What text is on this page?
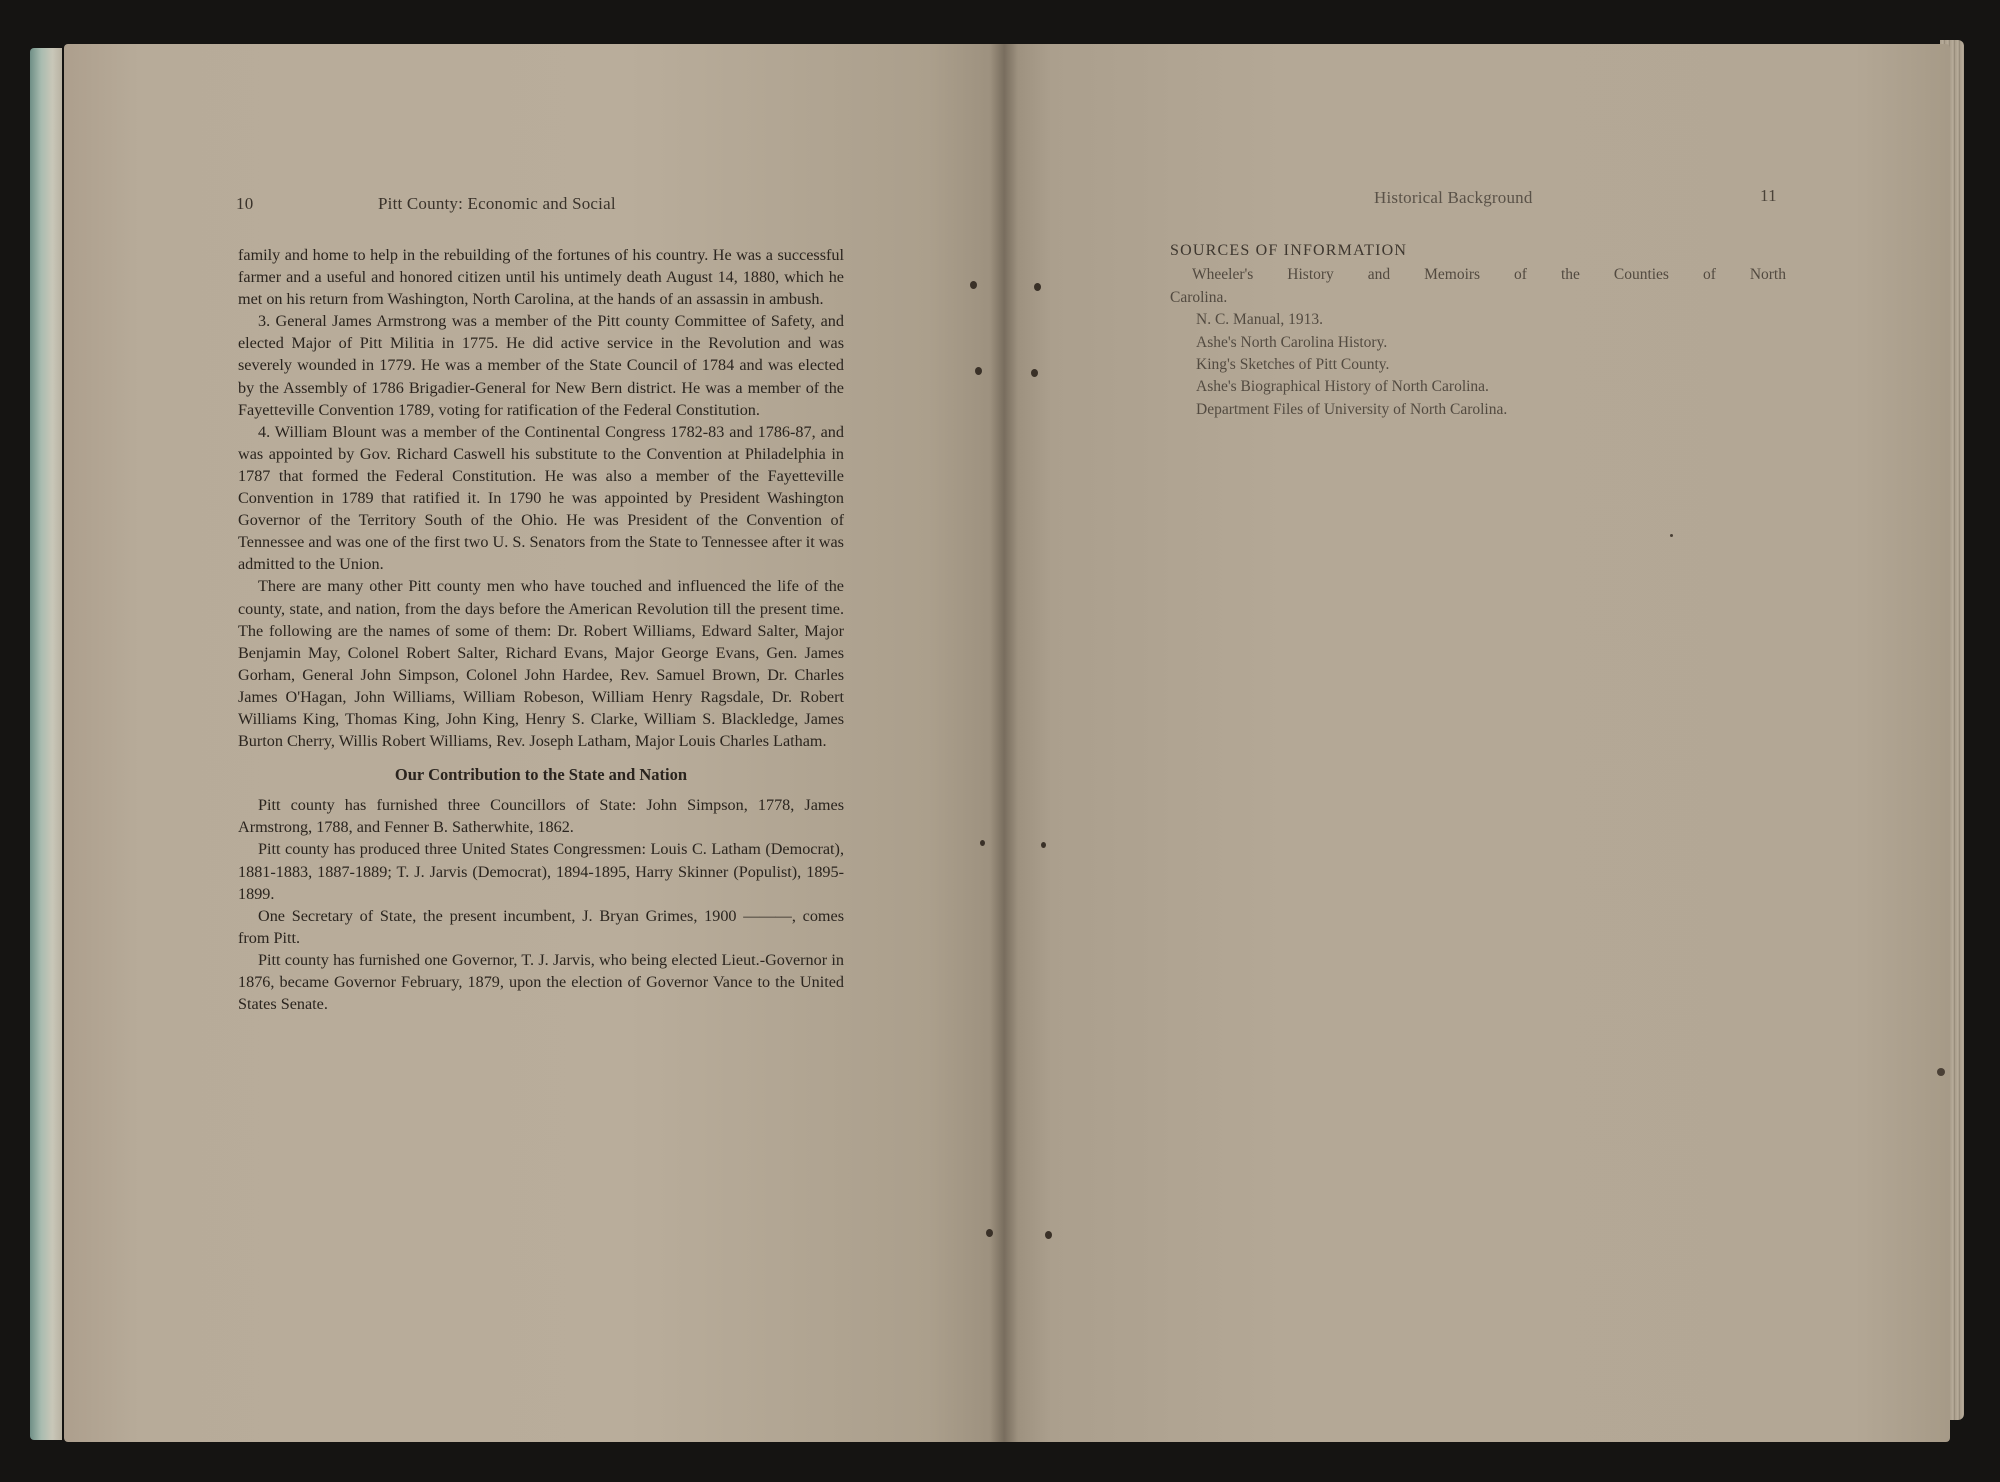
10	Pitt County: Economic and Social

family and home to help in the rebuilding of the fortunes of his country. He was a successful farmer and a useful and honored citizen until his untimely death August 14, 1880, which he met on his return from Washington, North Carolina, at the hands of an assassin in ambush.

3. General James Armstrong was a member of the Pitt county Committee of Safety, and elected Major of Pitt Militia in 1775. He did active service in the Revolution and was severely wounded in 1779. He was a member of the State Council of 1784 and was elected by the Assembly of 1786 Brigadier-General for New Bern district. He was a member of the Fayetteville Convention 1789, voting for ratification of the Federal Constitution.

4. William Blount was a member of the Continental Congress 1782-83 and 1786-87, and was appointed by Gov. Richard Caswell his substitute to the Convention at Philadelphia in 1787 that formed the Federal Constitution. He was also a member of the Fayetteville Convention in 1789 that ratified it. In 1790 he was appointed by President Washington Governor of the Territory South of the Ohio. He was President of the Convention of Tennessee and was one of the first two U. S. Senators from the State to Tennessee after it was admitted to the Union.

There are many other Pitt county men who have touched and influenced the life of the county, state, and nation, from the days before the American Revolution till the present time. The following are the names of some of them: Dr. Robert Williams, Edward Salter, Major Benjamin May, Colonel Robert Salter, Richard Evans, Major George Evans, Gen. James Gorham, General John Simpson, Colonel John Hardee, Rev. Samuel Brown, Dr. Charles James O'Hagan, John Williams, William Robeson, William Henry Ragsdale, Dr. Robert Williams King, Thomas King, John King, Henry S. Clarke, William S. Blackledge, James Burton Cherry, Willis Robert Williams, Rev. Joseph Latham, Major Louis Charles Latham.

Our Contribution to the State and Nation

Pitt county has furnished three Councillors of State: John Simpson, 1778, James Armstrong, 1788, and Fenner B. Satherwhite, 1862.

Pitt county has produced three United States Congressmen: Louis C. Latham (Democrat), 1881-1883, 1887-1889; T. J. Jarvis (Democrat), 1894-1895, Harry Skinner (Populist), 1895-1899.

One Secretary of State, the present incumbent, J. Bryan Grimes, 1900 ———, comes from Pitt.

Pitt county has furnished one Governor, T. J. Jarvis, who being elected Lieut.-Governor in 1876, became Governor February, 1879, upon the election of Governor Vance to the United States Senate.

Historical Background	11
SOURCES OF INFORMATION
Wheeler's History and Memoirs of the Counties of North
Carolina.
N. C. Manual, 1913.
Ashe's North Carolina History.
King's Sketches of Pitt County.
Ashe's Biographical History of North Carolina.
Department Files of University of North Carolina.
